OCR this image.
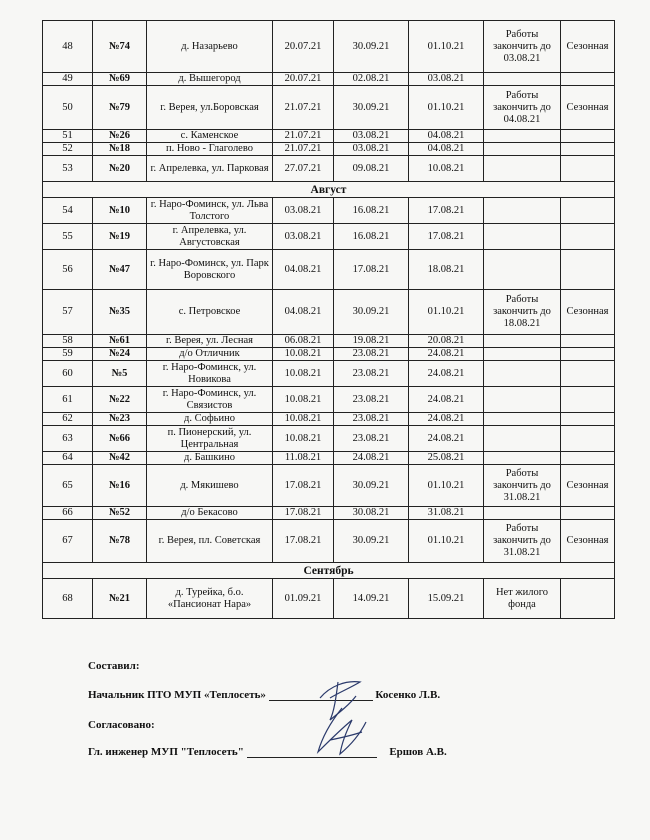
48	№74	д. Назарьево	20.07.21	30.09.21	01.10.21	Работы закончить до 03.08.21	Сезонная
49	№69	д. Вышегород	20.07.21	02.08.21	03.08.21		
50	№79	г. Верея, ул.Боровская	21.07.21	30.09.21	01.10.21	Работы закончить до 04.08.21	Сезонная
51	№26	с. Каменское	21.07.21	03.08.21	04.08.21		
52	№18	п. Ново - Глаголево	21.07.21	03.08.21	04.08.21		
53	№20	г. Апрелевка, ул. Парковая	27.07.21	09.08.21	10.08.21		
Август							
54	№10	г. Наро-Фоминск, ул. Льва Толстого	03.08.21	16.08.21	17.08.21		
55	№19	г. Апрелевка, ул. Августовская	03.08.21	16.08.21	17.08.21		
56	№47	г. Наро-Фоминск, ул. Парк Воровского	04.08.21	17.08.21	18.08.21		
57	№35	с. Петровское	04.08.21	30.09.21	01.10.21	Работы закончить до 18.08.21	Сезонная
58	№61	г. Верея, ул. Лесная	06.08.21	19.08.21	20.08.21		
59	№24	д/о Отличник	10.08.21	23.08.21	24.08.21		
60	№5	г. Наро-Фоминск, ул. Новикова	10.08.21	23.08.21	24.08.21		
61	№22	г. Наро-Фоминск, ул. Связистов	10.08.21	23.08.21	24.08.21		
62	№23	д. Софьино	10.08.21	23.08.21	24.08.21		
63	№66	п. Пионерский, ул. Центральная	10.08.21	23.08.21	24.08.21		
64	№42	д. Башкино	11.08.21	24.08.21	25.08.21		
65	№16	д. Мякишево	17.08.21	30.09.21	01.10.21	Работы закончить до 31.08.21	Сезонная
66	№52	д/о Бекасово	17.08.21	30.08.21	31.08.21		
67	№78	г. Верея, пл. Советская	17.08.21	30.09.21	01.10.21	Работы закончить до 31.08.21	Сезонная
Сентябрь							
68	№21	д. Турейка, б.о. «Пансионат Нара»	01.09.21	14.09.21	15.09.21	Нет жилого фонда	
Составил:
Начальник ПТО МУП «Теплосеть»	Косенко Л.В.
Согласовано:
Гл. инженер МУП "Теплосеть"	Ершов А.В.
